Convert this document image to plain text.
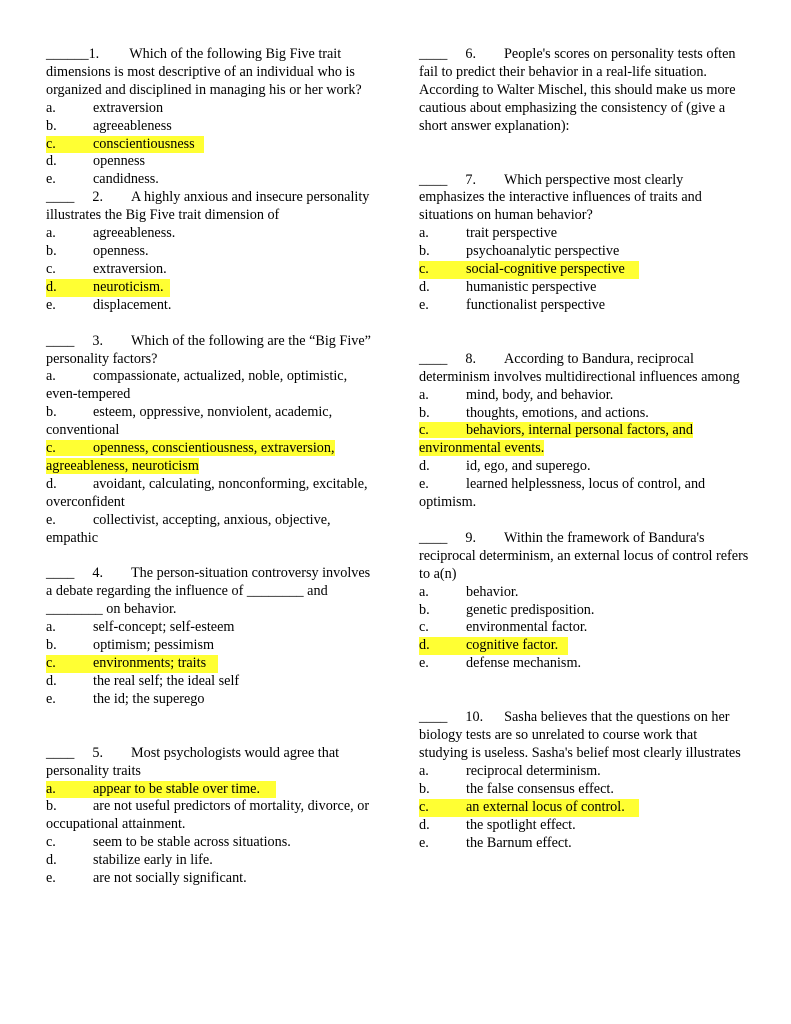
______1. Which of the following Big Five trait dimensions is most descriptive of an individual who is organized and disciplined in managing his or her work?
a.	extraversion
b.	agreeableness
c.	conscientiousness
d.	openness
e.	candidness.
____ 2. A highly anxious and insecure personality illustrates the Big Five trait dimension of
a.	agreeableness.
b.	openness.
c.	extraversion.
d.	neuroticism.
e.	displacement.
____ 3. Which of the following are the “Big Five” personality factors?
a.	compassionate, actualized, noble, optimistic, even-tempered
b.	esteem, oppressive, nonviolent, academic, conventional
c.	openness, conscientiousness, extraversion, agreeableness, neuroticism
d.	avoidant, calculating, nonconforming, excitable, overconfident
e.	collectivist, accepting, anxious, objective, empathic
____ 4. The person-situation controversy involves a debate regarding the influence of ________ and ________ on behavior.
a.	self-concept; self-esteem
b.	optimism; pessimism
c.	environments; traits
d.	the real self; the ideal self
e.	the id; the superego
____ 5. Most psychologists would agree that personality traits
a.	appear to be stable over time.
b.	are not useful predictors of mortality, divorce, or occupational attainment.
c.	seem to be stable across situations.
d.	stabilize early in life.
e.	are not socially significant.
____ 6. People's scores on personality tests often fail to predict their behavior in a real-life situation. According to Walter Mischel, this should make us more cautious about emphasizing the consistency of (give a short answer explanation):
____ 7. Which perspective most clearly emphasizes the interactive influences of traits and situations on human behavior?
a.	trait perspective
b.	psychoanalytic perspective
c.	social-cognitive perspective
d.	humanistic perspective
e.	functionalist perspective
____ 8. According to Bandura, reciprocal determinism involves multidirectional influences among
a.	mind, body, and behavior.
b.	thoughts, emotions, and actions.
c.	behaviors, internal personal factors, and environmental events.
d.	id, ego, and superego.
e.	learned helplessness, locus of control, and optimism.
____ 9. Within the framework of Bandura's reciprocal determinism, an external locus of control refers to a(n)
a.	behavior.
b.	genetic predisposition.
c.	environmental factor.
d.	cognitive factor.
e.	defense mechanism.
____ 10. Sasha believes that the questions on her biology tests are so unrelated to course work that studying is useless. Sasha's belief most clearly illustrates
a.	reciprocal determinism.
b.	the false consensus effect.
c.	an external locus of control.
d.	the spotlight effect.
e.	the Barnum effect.
